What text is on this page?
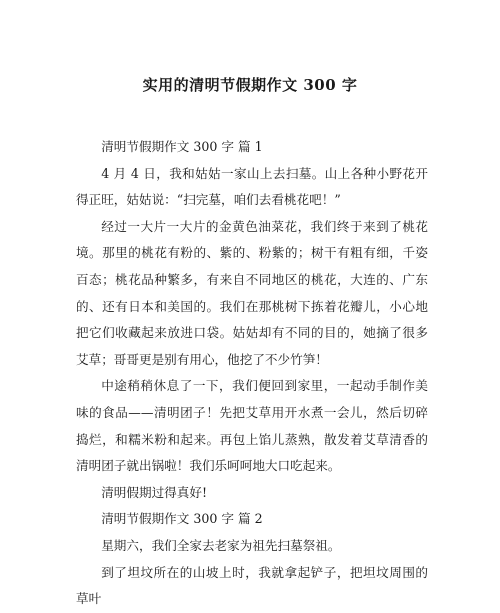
实用的清明节假期作文 300 字

清明节假期作文 300 字 篇 1

4 月 4 日，我和姑姑一家山上去扫墓。山上各种小野花开得正旺，姑姑说：“扫完墓，咱们去看桃花吧！”

经过一大片一大片的金黄色油菜花，我们终于来到了桃花境。那里的桃花有粉的、紫的、粉紫的；树干有粗有细，千姿百态；桃花品种繁多，有来自不同地区的桃花，大连的、广东的、还有日本和美国的。我们在那桃树下拣着花瓣儿，小心地把它们收藏起来放进口袋。姑姑却有不同的目的，她摘了很多艾草；哥哥更是别有用心，他挖了不少竹笋！

中途稍稍休息了一下，我们便回到家里，一起动手制作美味的食品——清明团子！先把艾草用开水煮一会儿，然后切碎捣烂，和糯米粉和起来。再包上馅儿蒸熟，散发着艾草清香的清明团子就出锅啦！我们乐呵呵地大口吃起来。

清明假期过得真好!

清明节假期作文 300 字 篇 2

星期六，我们全家去老家为祖先扫墓祭祖。

到了坦坟所在的山坡上时，我就拿起铲子，把坦坟周围的草叶
